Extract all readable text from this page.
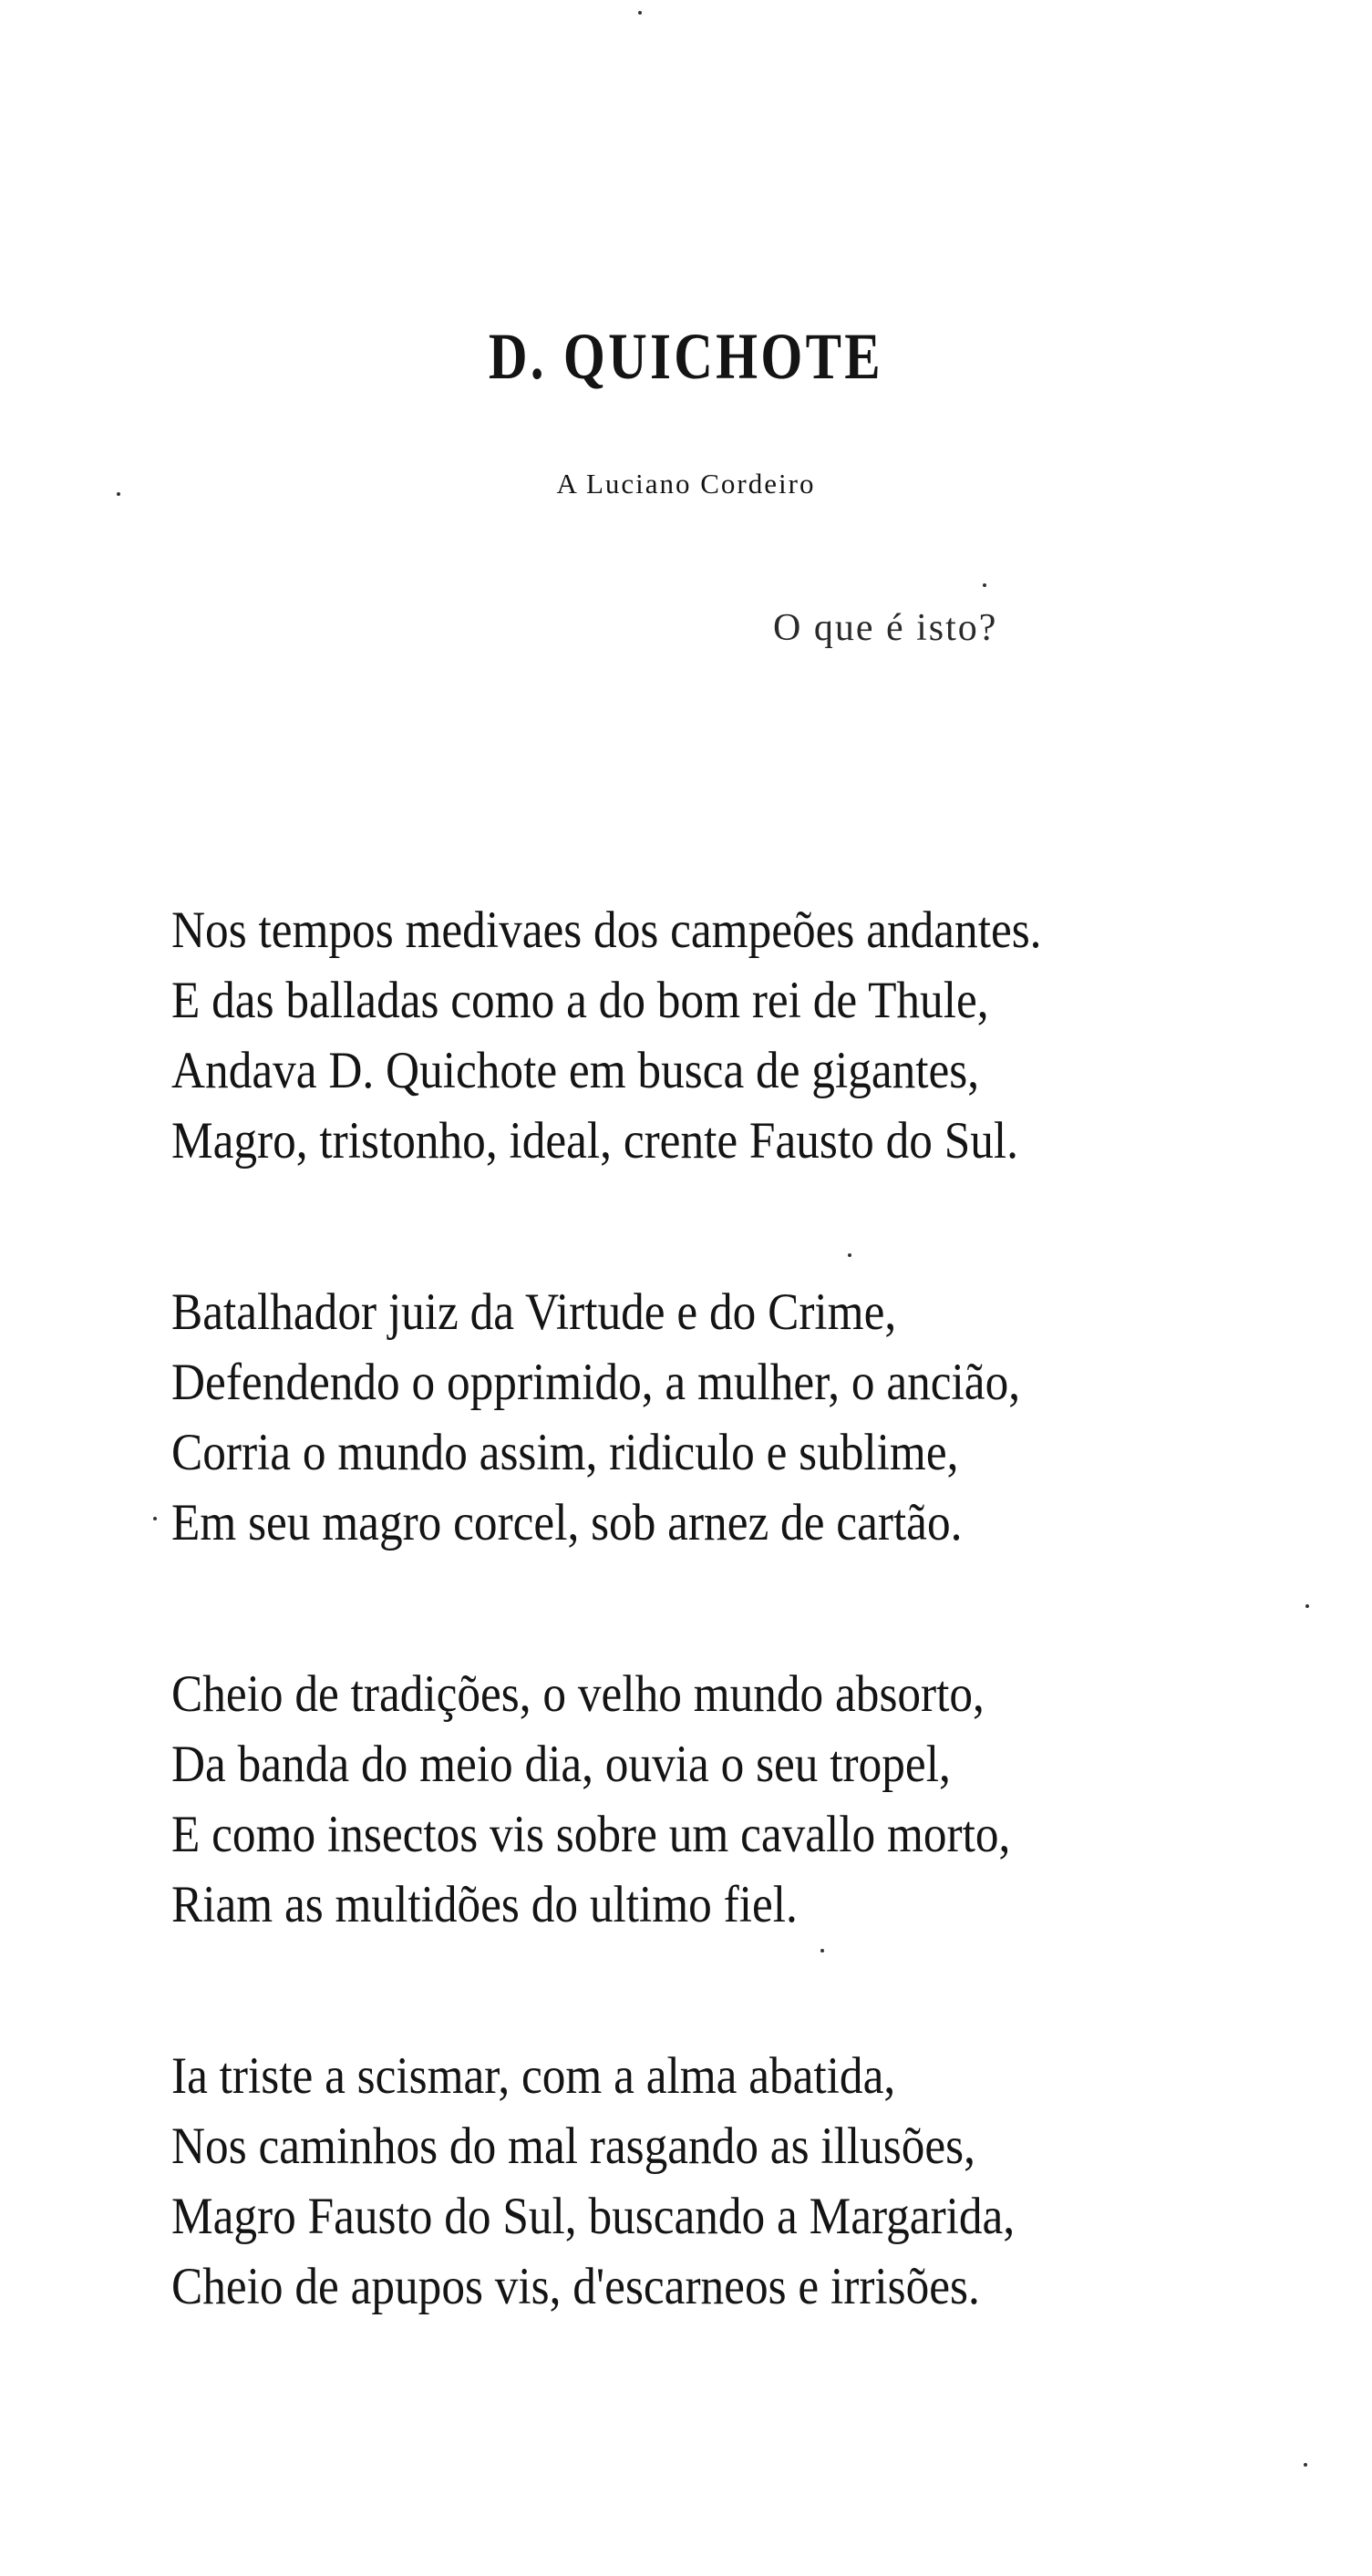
D. QUICHOTE
A Luciano Cordeiro
O que é isto?
Nos tempos medivaes dos campeões andantes.
E das balladas como a do bom rei de Thule,
Andava D. Quichote em busca de gigantes,
Magro, tristonho, ideal, crente Fausto do Sul.
Batalhador juiz da Virtude e do Crime,
Defendendo o opprimido, a mulher, o ancião,
Corria o mundo assim, ridiculo e sublime,
Em seu magro corcel, sob arnez de cartão.
Cheio de tradições, o velho mundo absorto,
Da banda do meio dia, ouvia o seu tropel,
E como insectos vis sobre um cavallo morto,
Riam as multidões do ultimo fiel.
Ia triste a scismar, com a alma abatida,
Nos caminhos do mal rasgando as illusões,
Magro Fausto do Sul, buscando a Margarida,
Cheio de apupos vis, d'escarneos e irrisões.
